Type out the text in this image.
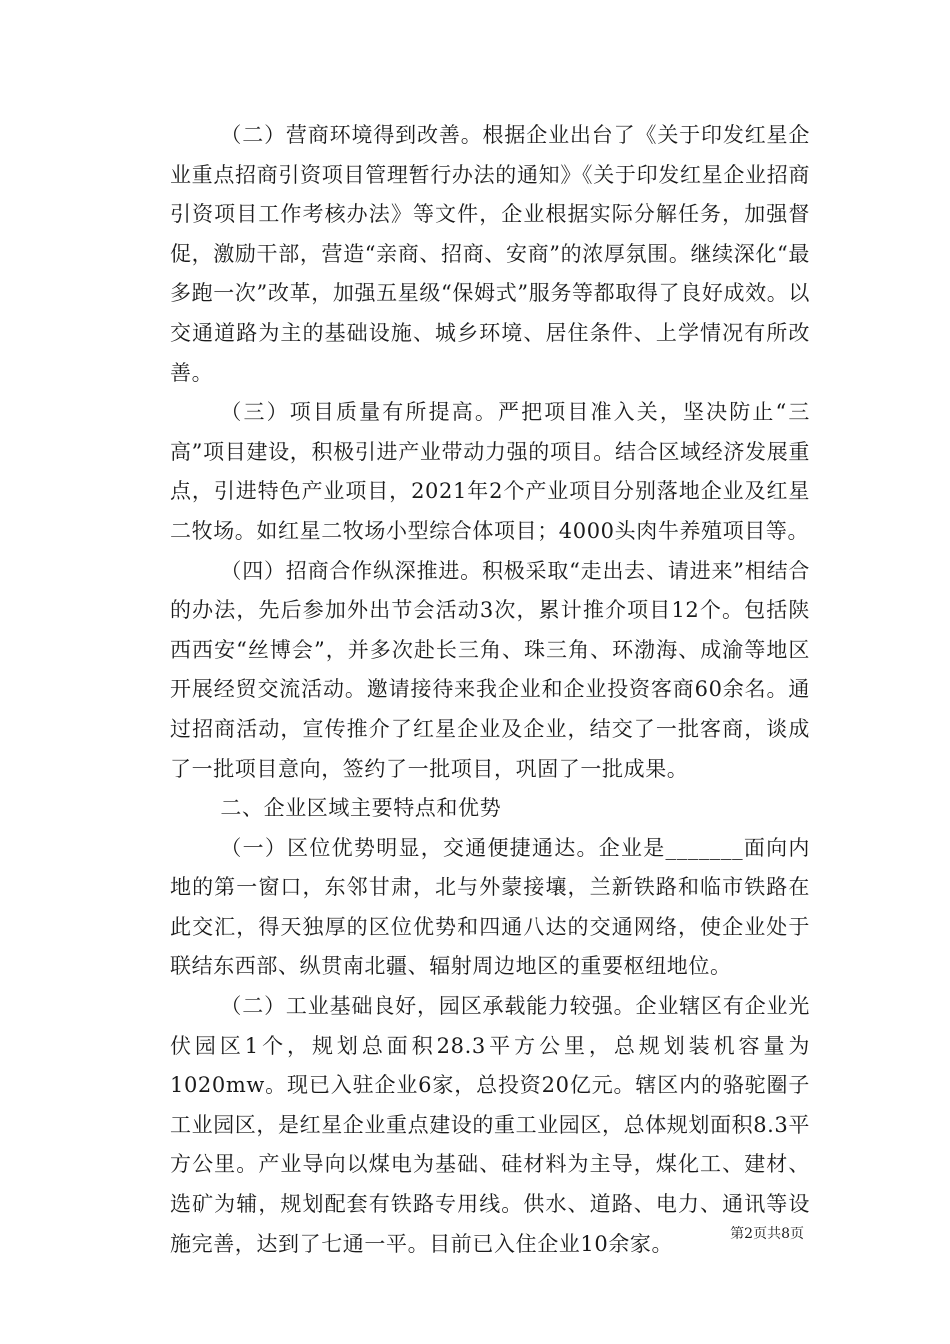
（二）营商环境得到改善。根据企业出台了《关于印发红星企业重点招商引资项目管理暂行办法的通知》《关于印发红星企业招商引资项目工作考核办法》等文件，企业根据实际分解任务，加强督促，激励干部，营造“亲商、招商、安商”的浓厚氛围。继续深化“最多跑一次”改革，加强五星级“保姆式”服务等都取得了良好成效。以交通道路为主的基础设施、城乡环境、居住条件、上学情况有所改善。

（三）项目质量有所提高。严把项目准入关，坚决防止“三高”项目建设，积极引进产业带动力强的项目。结合区域经济发展重点，引进特色产业项目，2021年2个产业项目分别落地企业及红星二牧场。如红星二牧场小型综合体项目；4000头肉牛养殖项目等。

（四）招商合作纵深推进。积极采取“走出去、请进来”相结合的办法，先后参加外出节会活动3次，累计推介项目12个。包括陕西西安“丝博会”，并多次赴长三角、珠三角、环渤海、成渝等地区开展经贸交流活动。邀请接待来我企业和企业投资客商60余名。通过招商活动，宣传推介了红星企业及企业，结交了一批客商，谈成了一批项目意向，签约了一批项目，巩固了一批成果。

二、企业区域主要特点和优势

（一）区位优势明显，交通便捷通达。企业是_______面向内地的第一窗口，东邻甘肃，北与外蒙接壤，兰新铁路和临市铁路在此交汇，得天独厚的区位优势和四通八达的交通网络，使企业处于联结东西部、纵贯南北疆、辐射周边地区的重要枢纽地位。

（二）工业基础良好，园区承载能力较强。企业辖区有企业光伏园区1个，规划总面积28.3平方公里，总规划装机容量为1020mw。现已入驻企业6家，总投资20亿元。辖区内的骆驼圈子工业园区，是红星企业重点建设的重工业园区，总体规划面积8.3平方公里。产业导向以煤电为基础、硅材料为主导，煤化工、建材、选矿为辅，规划配套有铁路专用线。供水、道路、电力、通讯等设施完善，达到了七通一平。目前已入住企业10余家。	第2页共8页
